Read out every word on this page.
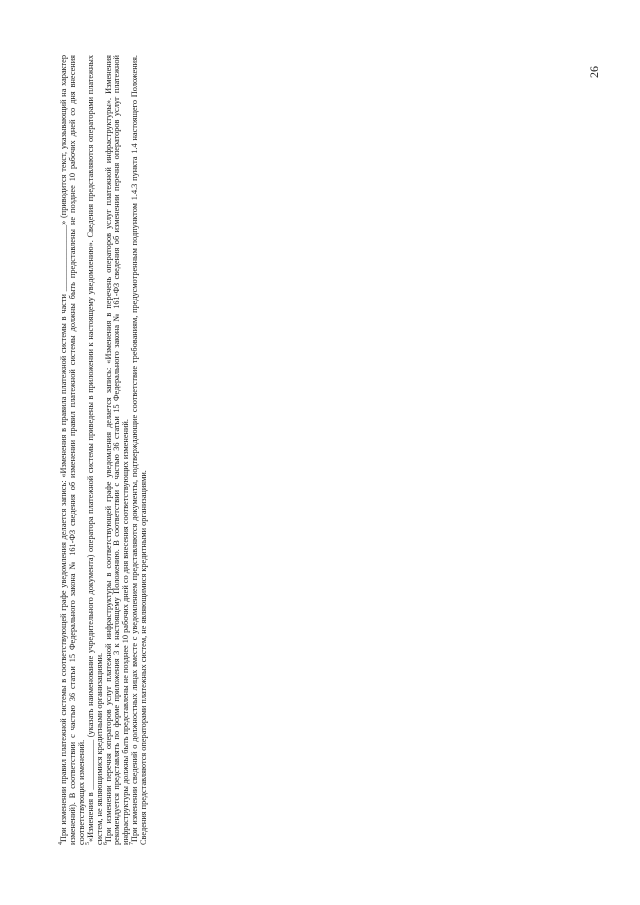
26

$^4$При изменении правил платежной системы в соответствующей графе уведомления делается запись: «Изменения в правила платежной системы в части ________________» (приводится текст, указывающий на характер изменений). В соответствии с частью 36 статьи 15 Федерального закона № 161-ФЗ сведения об изменении правил платежной системы должны быть представлены не позднее 10 рабочих дней со дня внесения соответствующих изменений. $^5$«Изменения в ____________ (указать наименование учредительного документа) оператора платежной системы приведены в приложении к настоящему уведомлению». Сведения представляются операторами платежных систем, не являющимися кредитными организациями. $^6$При изменении перечня операторов услуг платежной инфраструктуры в соответствующей графе уведомления делается запись: «Изменения в перечень операторов услуг платежной инфраструктуры». Изменения рекомендуется представлять по форме приложения 3 к настоящему Положению. В соответствии с частью 36 статьи 15 Федерального закона № 161-ФЗ сведения об изменении перечня операторов услуг платежной инфраструктуры должны быть представлены не позднее 10 рабочих дней со дня внесения соответствующих изменений. $^7$При изменении сведений о должностных лицах вместе с уведомлением представляются документы, подтверждающие соответствие требованиям, предусмотренным подпунктом 1.4.3 пункта 1.4 настоящего Положения. Сведения представляются операторами платежных систем, не являющимися кредитными организациями.
